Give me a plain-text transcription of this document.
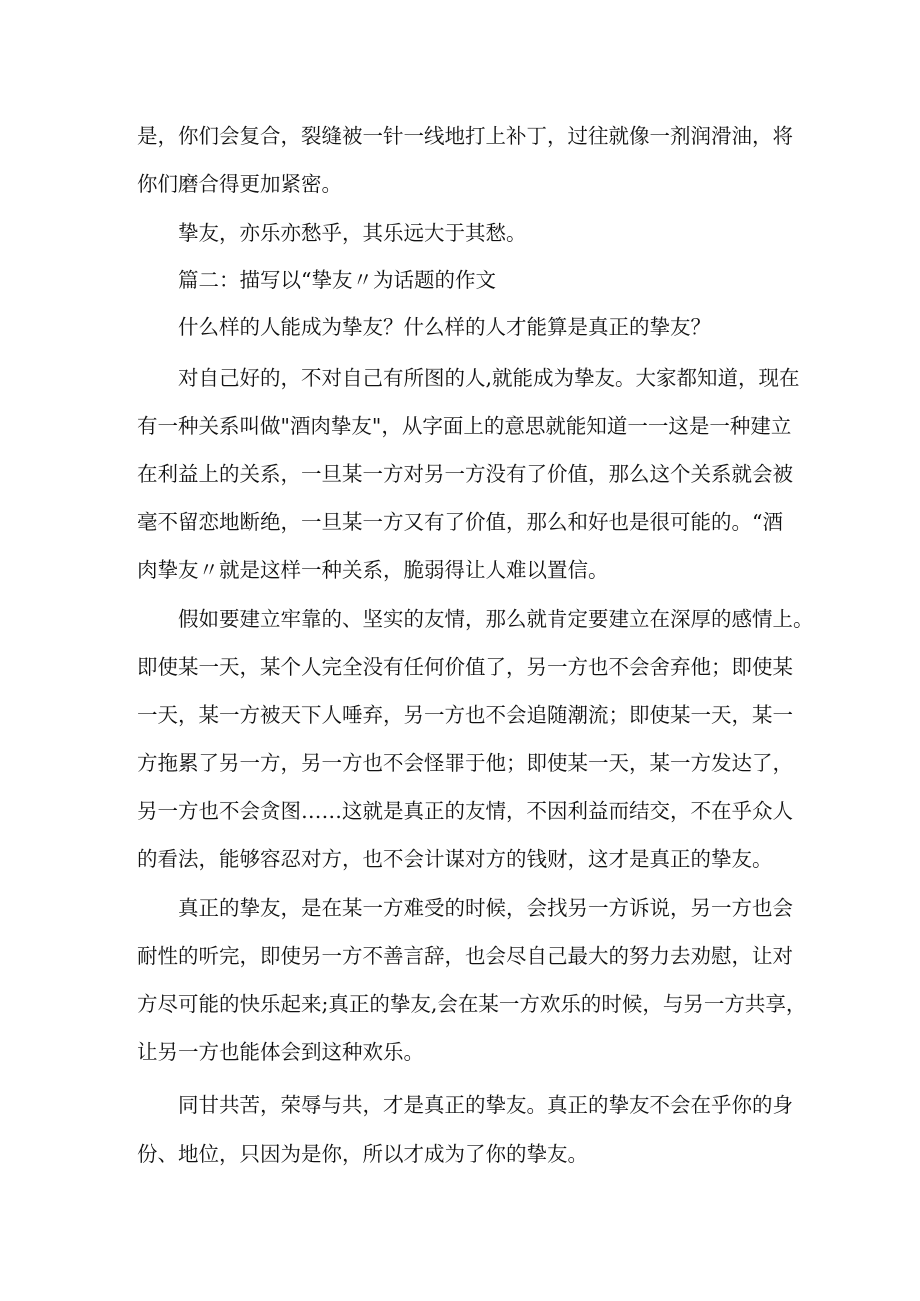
是，你们会复合，裂缝被一针一线地打上补丁，过往就像一剂润滑油，将
你们磨合得更加紧密。
挚友，亦乐亦愁乎，其乐远大于其愁。
篇二：描写以“挚友〃为话题的作文
什么样的人能成为挚友？什么样的人才能算是真正的挚友？
对自己好的，不对自己有所图的人,就能成为挚友。大家都知道，现在
有一种关系叫做"酒肉挚友"，从字面上的意思就能知道一一这是一种建立
在利益上的关系，一旦某一方对另一方没有了价值，那么这个关系就会被
毫不留恋地断绝，一旦某一方又有了价值，那么和好也是很可能的。“酒
肉挚友〃就是这样一种关系，脆弱得让人难以置信。
假如要建立牢靠的、坚实的友情，那么就肯定要建立在深厚的感情上。
即使某一天，某个人完全没有任何价值了，另一方也不会舍弃他；即使某
一天，某一方被天下人唾弃，另一方也不会追随潮流；即使某一天，某一
方拖累了另一方，另一方也不会怪罪于他；即使某一天，某一方发达了，
另一方也不会贪图……这就是真正的友情，不因利益而结交，不在乎众人
的看法，能够容忍对方，也不会计谋对方的钱财，这才是真正的挚友。
真正的挚友，是在某一方难受的时候，会找另一方诉说，另一方也会
耐性的听完，即使另一方不善言辞，也会尽自己最大的努力去劝慰，让对
方尽可能的快乐起来;真正的挚友,会在某一方欢乐的时候，与另一方共享，
让另一方也能体会到这种欢乐。
同甘共苦，荣辱与共，才是真正的挚友。真正的挚友不会在乎你的身
份、地位，只因为是你，所以才成为了你的挚友。
